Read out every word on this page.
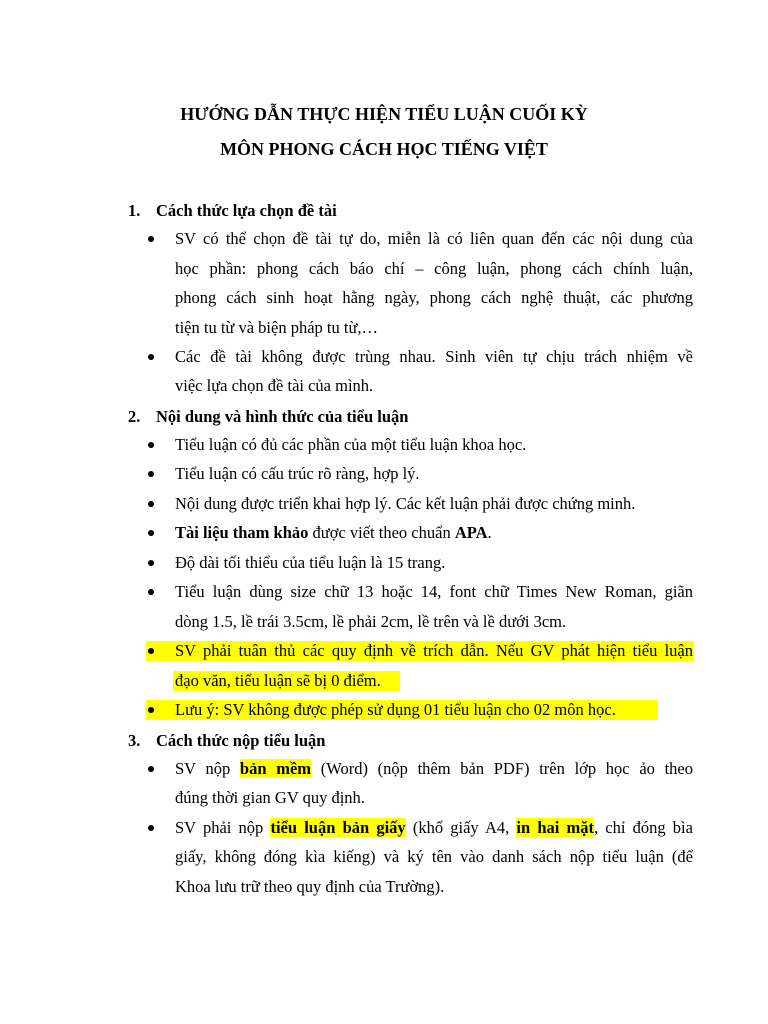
HƯỚNG DẪN THỰC HIỆN TIỂU LUẬN CUỐI KỲ
MÔN PHONG CÁCH HỌC TIẾNG VIỆT

1. Cách thức lựa chọn đề tài

SV có thể chọn đề tài tự do, miễn là có liên quan đến các nội dung của

học phần: phong cách báo chí – công luận, phong cách chính luận,

phong cách sinh hoạt hằng ngày, phong cách nghệ thuật, các phương

tiện tu từ và biện pháp tu từ,…

Các đề tài không được trùng nhau. Sinh viên tự chịu trách nhiệm về

việc lựa chọn đề tài của mình.

2. Nội dung và hình thức của tiểu luận

Tiểu luận có đủ các phần của một tiểu luận khoa học.

Tiểu luận có cấu trúc rõ ràng, hợp lý.

Nội dung được triển khai hợp lý. Các kết luận phải được chứng minh.

Tài liệu tham khảo được viết theo chuẩn APA.

Độ dài tối thiểu của tiểu luận là 15 trang.

Tiểu luận dùng size chữ 13 hoặc 14, font chữ Times New Roman, giãn

dòng 1.5, lề trái 3.5cm, lề phải 2cm, lề trên và lề dưới 3cm.

SV phải tuân thủ các quy định về trích dẫn. Nếu GV phát hiện tiểu luận

đạo văn, tiểu luận sẽ bị 0 điểm.

Lưu ý: SV không được phép sử dụng 01 tiểu luận cho 02 môn học.

3. Cách thức nộp tiểu luận

SV nộp bản mềm (Word) (nộp thêm bản PDF) trên lớp học ảo theo

đúng thời gian GV quy định.

SV phải nộp tiểu luận bản giấy (khổ giấy A4, in hai mặt, chỉ đóng bìa

giấy, không đóng kìa kiếng) và ký tên vào danh sách nộp tiểu luận (để

Khoa lưu trữ theo quy định của Trường).
